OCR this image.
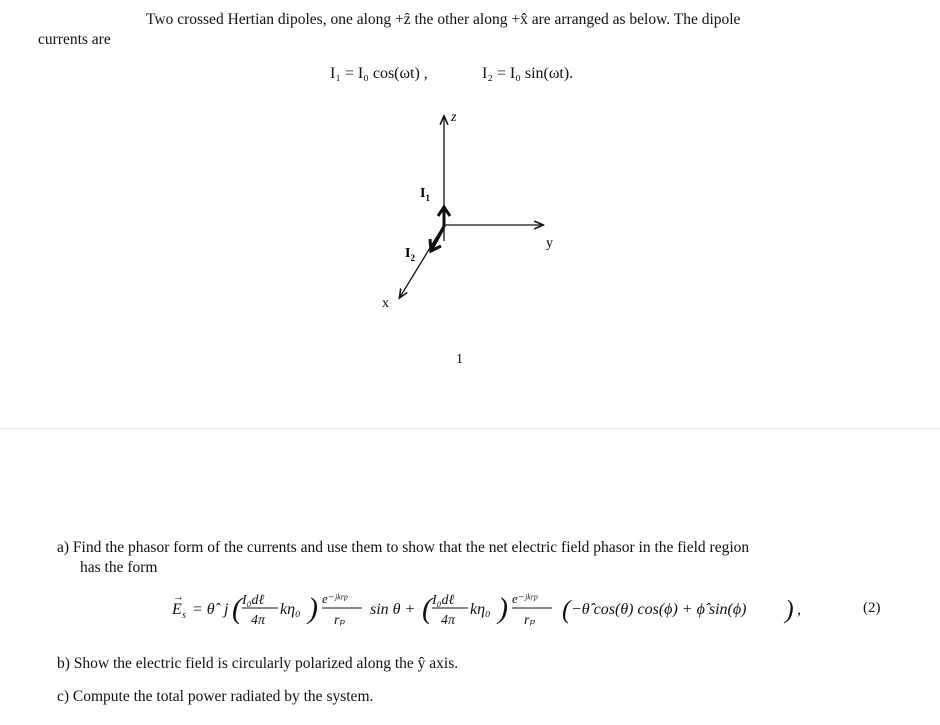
Two crossed Hertian dipoles, one along +ẑ the other along +x̂ are arranged as below. The dipole
currents are
I₁ = I₀ cos(ωt) ,	I₂ = I₀ sin(ωt).
z
y
x
$I_1$
$I_2$
1
a) Find the phasor form of the currents and use them to show that the net electric field phasor in the field region
has the form
E
→
s = θ̂ j ( I₀dℓ
4π
kη₀ ) e⁻ʲᵏʳᵖ
rₚ
sin θ + ( I₀dℓ
4π
kη₀ ) e⁻ʲᵏʳᵖ
rₚ ( −θ̂ cos(θ) cos(ϕ) + ϕ̂ sin(ϕ) ) ,	(2)
b) Show the electric field is circularly polarized along the ŷ axis.
c) Compute the total power radiated by the system.
